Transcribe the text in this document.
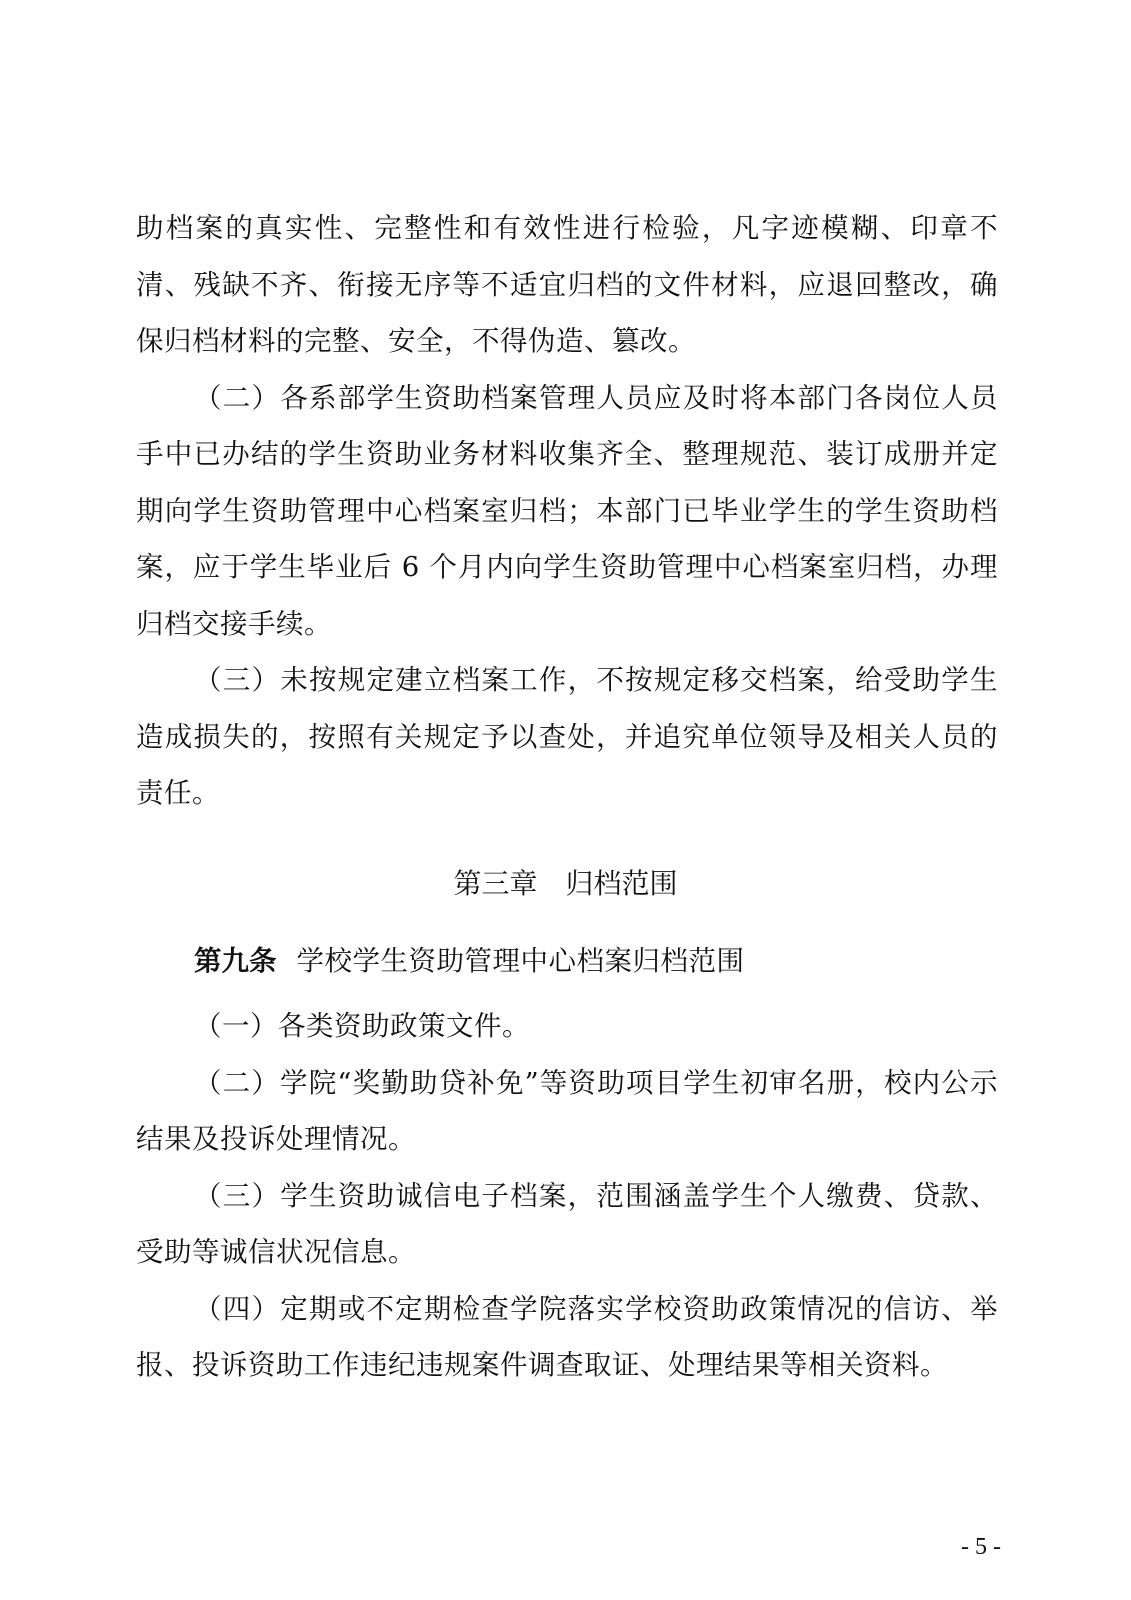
助档案的真实性、完整性和有效性进行检验，凡字迹模糊、印章不清、残缺不齐、衔接无序等不适宜归档的文件材料，应退回整改，确保归档材料的完整、安全，不得伪造、篡改。

（二）各系部学生资助档案管理人员应及时将本部门各岗位人员手中已办结的学生资助业务材料收集齐全、整理规范、装订成册并定期向学生资助管理中心档案室归档；本部门已毕业学生的学生资助档案，应于学生毕业后 6 个月内向学生资助管理中心档案室归档，办理归档交接手续。

（三）未按规定建立档案工作，不按规定移交档案，给受助学生造成损失的，按照有关规定予以查处，并追究单位领导及相关人员的责任。

第三章 归档范围
第九条 学校学生资助管理中心档案归档范围

（一）各类资助政策文件。

（二）学院“奖勤助贷补免”等资助项目学生初审名册，校内公示结果及投诉处理情况。

（三）学生资助诚信电子档案，范围涵盖学生个人缴费、贷款、受助等诚信状况信息。

（四）定期或不定期检查学院落实学校资助政策情况的信访、举报、投诉资助工作违纪违规案件调查取证、处理结果等相关资料。

- 5 -
